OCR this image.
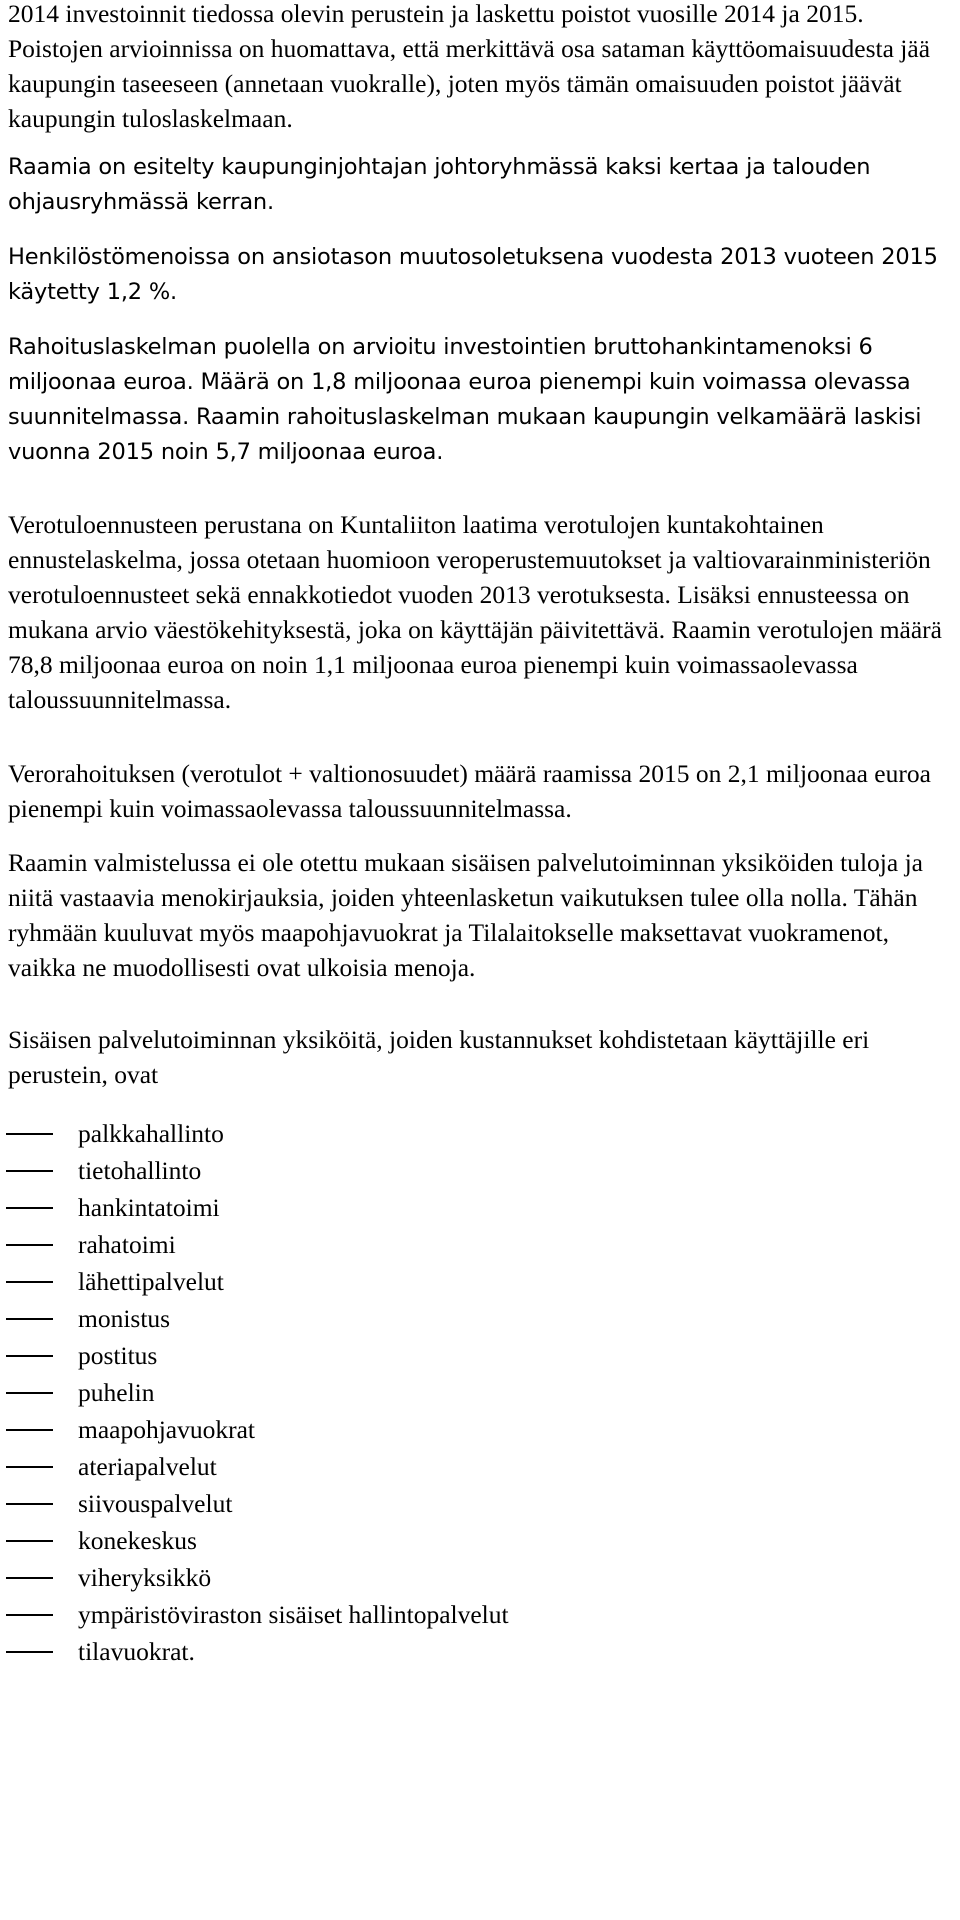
2014 investoinnit tiedossa olevin perustein ja laskettu poistot vuosille 2014 ja 2015. Poistojen arvioinnissa on huomattava, että merkittävä osa sataman käyttöomaisuudesta jää kaupungin taseeseen (annetaan vuokralle), joten myös tämän omaisuuden poistot jäävät kaupungin tuloslaskelmaan.

Raamia on esitelty kaupunginjohtajan johtoryhmässä kaksi kertaa ja talouden ohjausryhmässä kerran.

Henkilöstömenoissa on ansiotason muutosoletuksena vuodesta 2013 vuoteen 2015 käytetty 1,2 %.

Rahoituslaskelman puolella on arvioitu investointien bruttohankintamenoksi 6 miljoonaa euroa. Määrä on 1,8 miljoonaa euroa pienempi kuin voimassa olevassa suunnitelmassa. Raamin rahoituslaskelman mukaan kaupungin velkamäärä laskisi vuonna 2015 noin 5,7 miljoonaa euroa.

Verotuloennusteen perustana on Kuntaliiton laatima verotulojen kuntakohtainen ennustelaskelma, jossa otetaan huomioon veroperustemuutokset ja valtiovarainministeriön verotuloennusteet sekä ennakkotiedot vuoden 2013 verotuksesta. Lisäksi ennusteessa on mukana arvio väestökehityksestä, joka on käyttäjän päivitettävä. Raamin verotulojen määrä 78,8 miljoonaa euroa on noin 1,1 miljoonaa euroa pienempi kuin voimassaolevassa taloussuunnitelmassa.

Verorahoituksen (verotulot + valtionosuudet) määrä raamissa 2015 on 2,1 miljoonaa euroa pienempi kuin voimassaolevassa taloussuunnitelmassa.

Raamin valmistelussa ei ole otettu mukaan sisäisen palvelutoiminnan yksiköiden tuloja ja niitä vastaavia menokirjauksia, joiden yhteenlasketun vaikutuksen tulee olla nolla. Tähän ryhmään kuuluvat myös maapohjavuokrat ja Tilalaitokselle maksettavat vuokramenot, vaikka ne muodollisesti ovat ulkoisia menoja.

Sisäisen palvelutoiminnan yksiköitä, joiden kustannukset kohdistetaan käyttäjille eri perustein, ovat

palkkahallinto
tietohallinto
hankintatoimi
rahatoimi
lähettipalvelut
monistus
postitus
puhelin
maapohjavuokrat
ateriapalvelut
siivouspalvelut
konekeskus
viheryksikkö
ympäristöviraston sisäiset hallintopalvelut
tilavuokrat.
